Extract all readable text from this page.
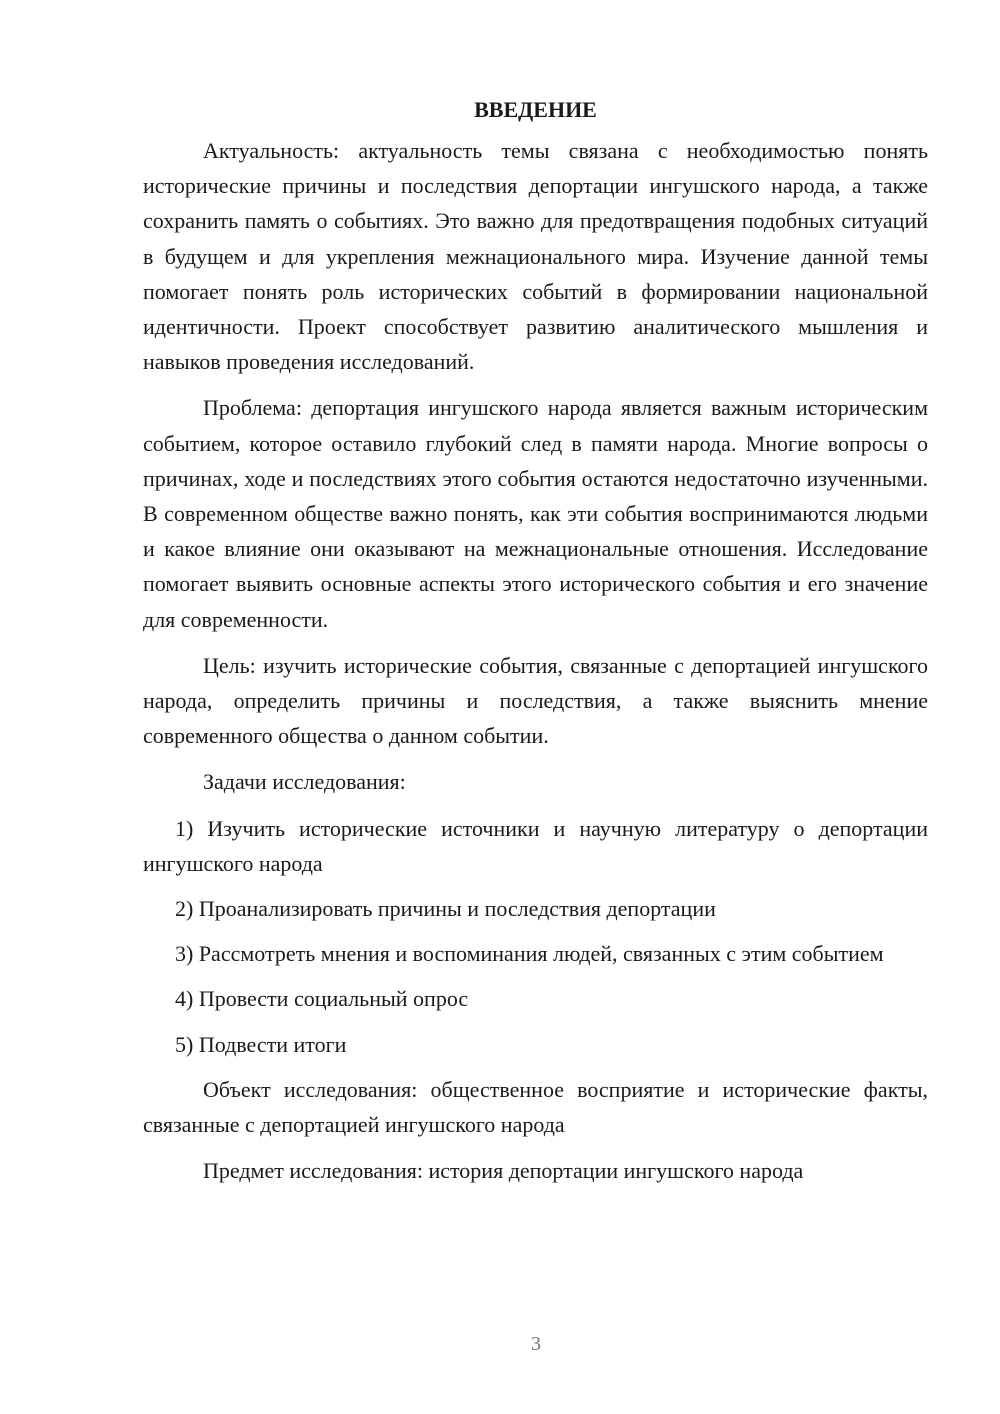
ВВЕДЕНИЕ

Актуальность: актуальность темы связана с необходимостью понять исторические причины и последствия депортации ингушского народа, а также сохранить память о событиях. Это важно для предотвращения подобных ситуаций в будущем и для укрепления межнационального мира. Изучение данной темы помогает понять роль исторических событий в формировании национальной идентичности. Проект способствует развитию аналитического мышления и навыков проведения исследований.

Проблема: депортация ингушского народа является важным историческим событием, которое оставило глубокий след в памяти народа. Многие вопросы о причинах, ходе и последствиях этого события остаются недостаточно изученными. В современном обществе важно понять, как эти события воспринимаются людьми и какое влияние они оказывают на межнациональные отношения. Исследование помогает выявить основные аспекты этого исторического события и его значение для современности.

Цель: изучить исторические события, связанные с депортацией ингушского народа, определить причины и последствия, а также выяснить мнение современного общества о данном событии.

Задачи исследования:

1) Изучить исторические источники и научную литературу о депортации ингушского народа

2) Проанализировать причины и последствия депортации

3) Рассмотреть мнения и воспоминания людей, связанных с этим событием

4) Провести социальный опрос

5) Подвести итоги

Объект исследования: общественное восприятие и исторические факты, связанные с депортацией ингушского народа

Предмет исследования: история депортации ингушского народа

3
